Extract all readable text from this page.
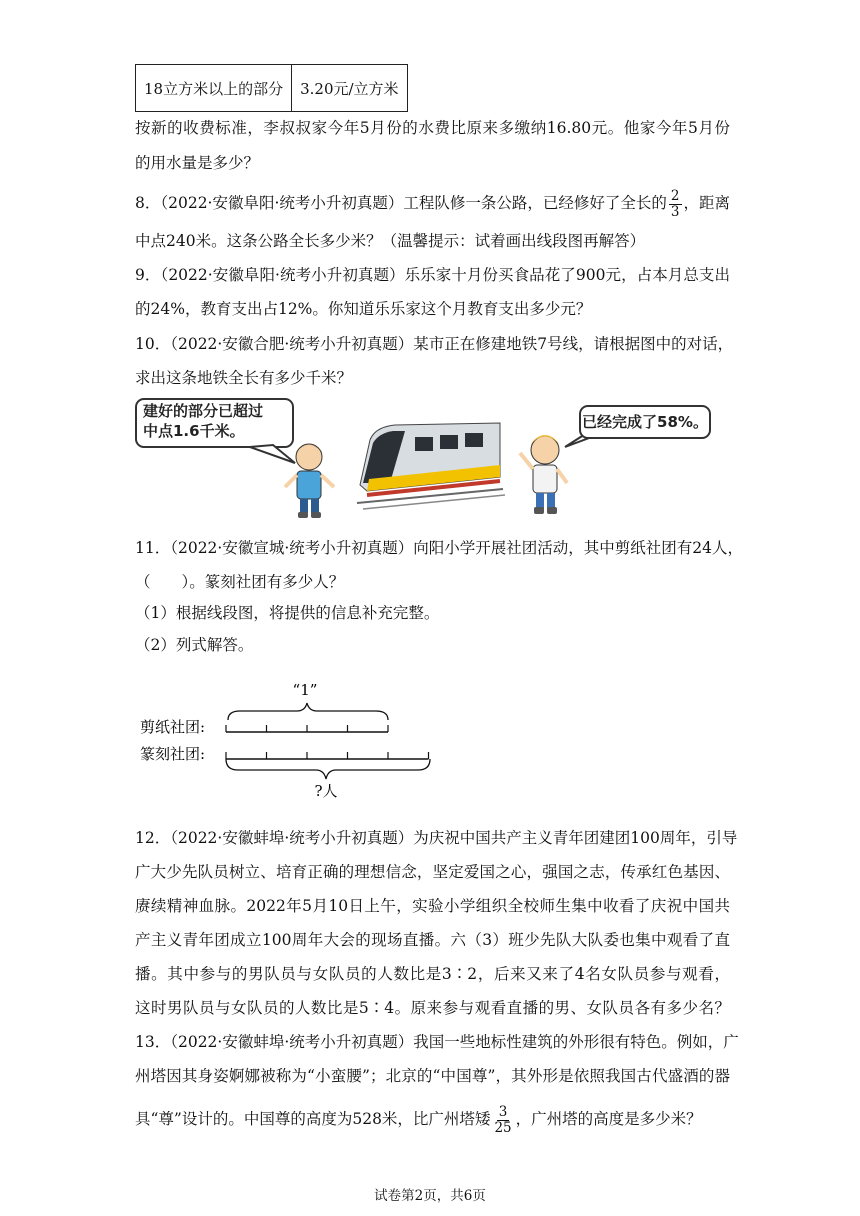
18立方米以上的部分	3.20元/立方米
按新的收费标准，李叔叔家今年5月份的水费比原来多缴纳16.80元。他家今年5月份
的用水量是多少？
8．（2022·安徽阜阳·统考小升初真题）工程队修一条公路，已经修好了全长的 $\frac{2}{3}$ ，距离
中点240米。这条公路全长多少米？（温馨提示：试着画出线段图再解答）
9．（2022·安徽阜阳·统考小升初真题）乐乐家十月份买食品花了900元，占本月总支出
的24%，教育支出占12%。你知道乐乐家这个月教育支出多少元？
10．（2022·安徽合肥·统考小升初真题）某市正在修建地铁7号线，请根据图中的对话，
求出这条地铁全长有多少千米？
建好的部分已超过
中点1.6千米。	已经完成了58%。
11．（2022·安徽宣城·统考小升初真题）向阳小学开展社团活动，其中剪纸社团有24人，
（　　）。篆刻社团有多少人？
（1）根据线段图，将提供的信息补充完整。
（2）列式解答。
“1”
剪纸社团:
篆刻社团:
?人
12．（2022·安徽蚌埠·统考小升初真题）为庆祝中国共产主义青年团建团100周年，引导
广大少先队员树立、培育正确的理想信念，坚定爱国之心，强国之志，传承红色基因、
赓续精神血脉。2022年5月10日上午，实验小学组织全校师生集中收看了庆祝中国共
产主义青年团成立100周年大会的现场直播。六（3）班少先队大队委也集中观看了直
播。其中参与的男队员与女队员的人数比是3∶2，后来又来了4名女队员参与观看，
这时男队员与女队员的人数比是5∶4。原来参与观看直播的男、女队员各有多少名？
13．（2022·安徽蚌埠·统考小升初真题）我国一些地标性建筑的外形很有特色。例如，广
州塔因其身姿婀娜被称为“小蛮腰”；北京的“中国尊”，其外形是依照我国古代盛酒的器
具“尊”设计的。中国尊的高度为528米，比广州塔矮 $\frac{3}{25}$ ，广州塔的高度是多少米？
试卷第2页，共6页
